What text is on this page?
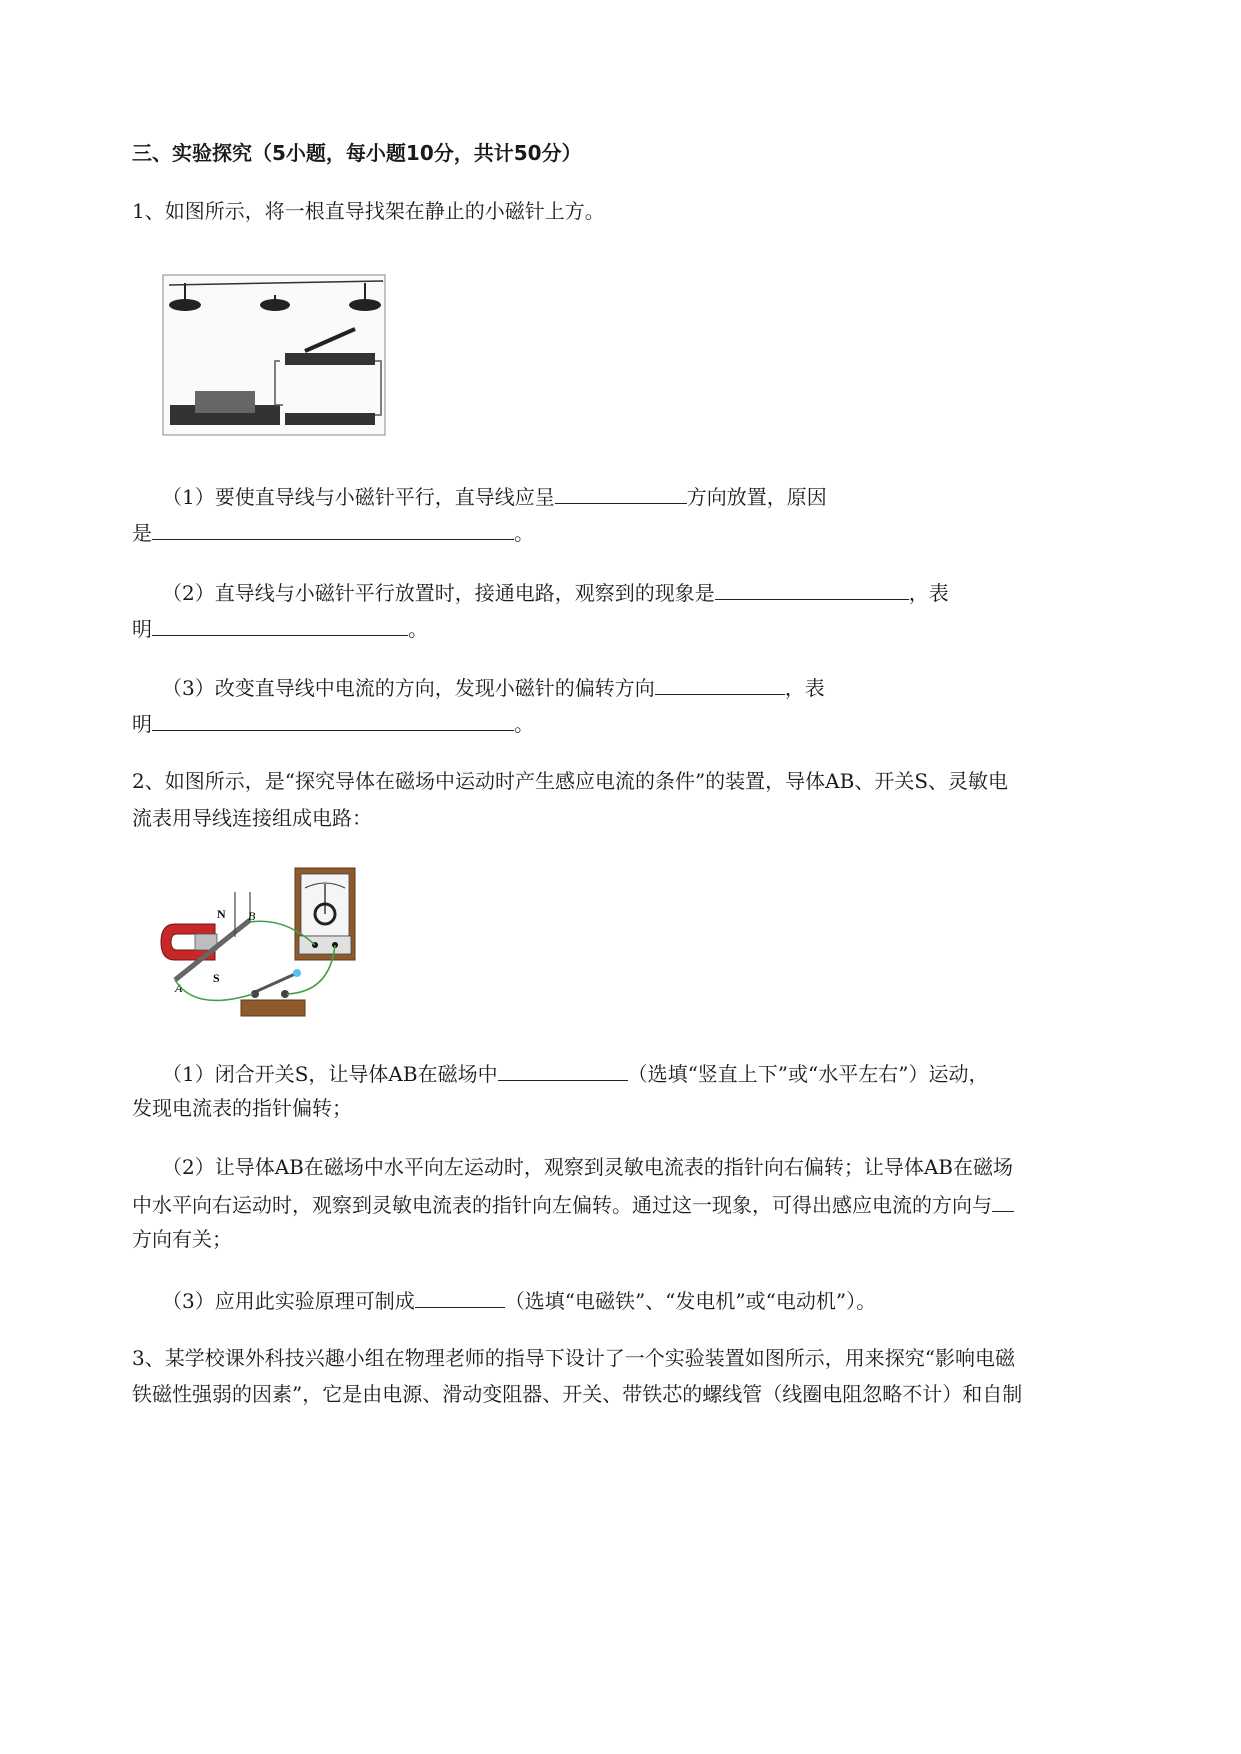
三、实验探究（5小题，每小题10分，共计50分）
1、如图所示，将一根直导找架在静止的小磁针上方。
（1）要使直导线与小磁针平行，直导线应呈	方向放置，原因
是	。
（2）直导线与小磁针平行放置时，接通电路，观察到的现象是	，表
明	。
（3）改变直导线中电流的方向，发现小磁针的偏转方向	，表
明	。
2、如图所示，是“探究导体在磁场中运动时产生感应电流的条件”的装置，导体AB、开关S、灵敏电
流表用导线连接组成电路：
N
S
A
B
（1）闭合开关S，让导体AB在磁场中	（选填“竖直上下”或“水平左右”）运动，
发现电流表的指针偏转；
（2）让导体AB在磁场中水平向左运动时，观察到灵敏电流表的指针向右偏转；让导体AB在磁场
中水平向右运动时，观察到灵敏电流表的指针向左偏转。通过这一现象，可得出感应电流的方向与
方向有关；
（3）应用此实验原理可制成	（选填“电磁铁”、“发电机”或“电动机”）。
3、某学校课外科技兴趣小组在物理老师的指导下设计了一个实验装置如图所示，用来探究“影响电磁
铁磁性强弱的因素”，它是由电源、滑动变阻器、开关、带铁芯的螺线管（线圈电阻忽略不计）和自制
